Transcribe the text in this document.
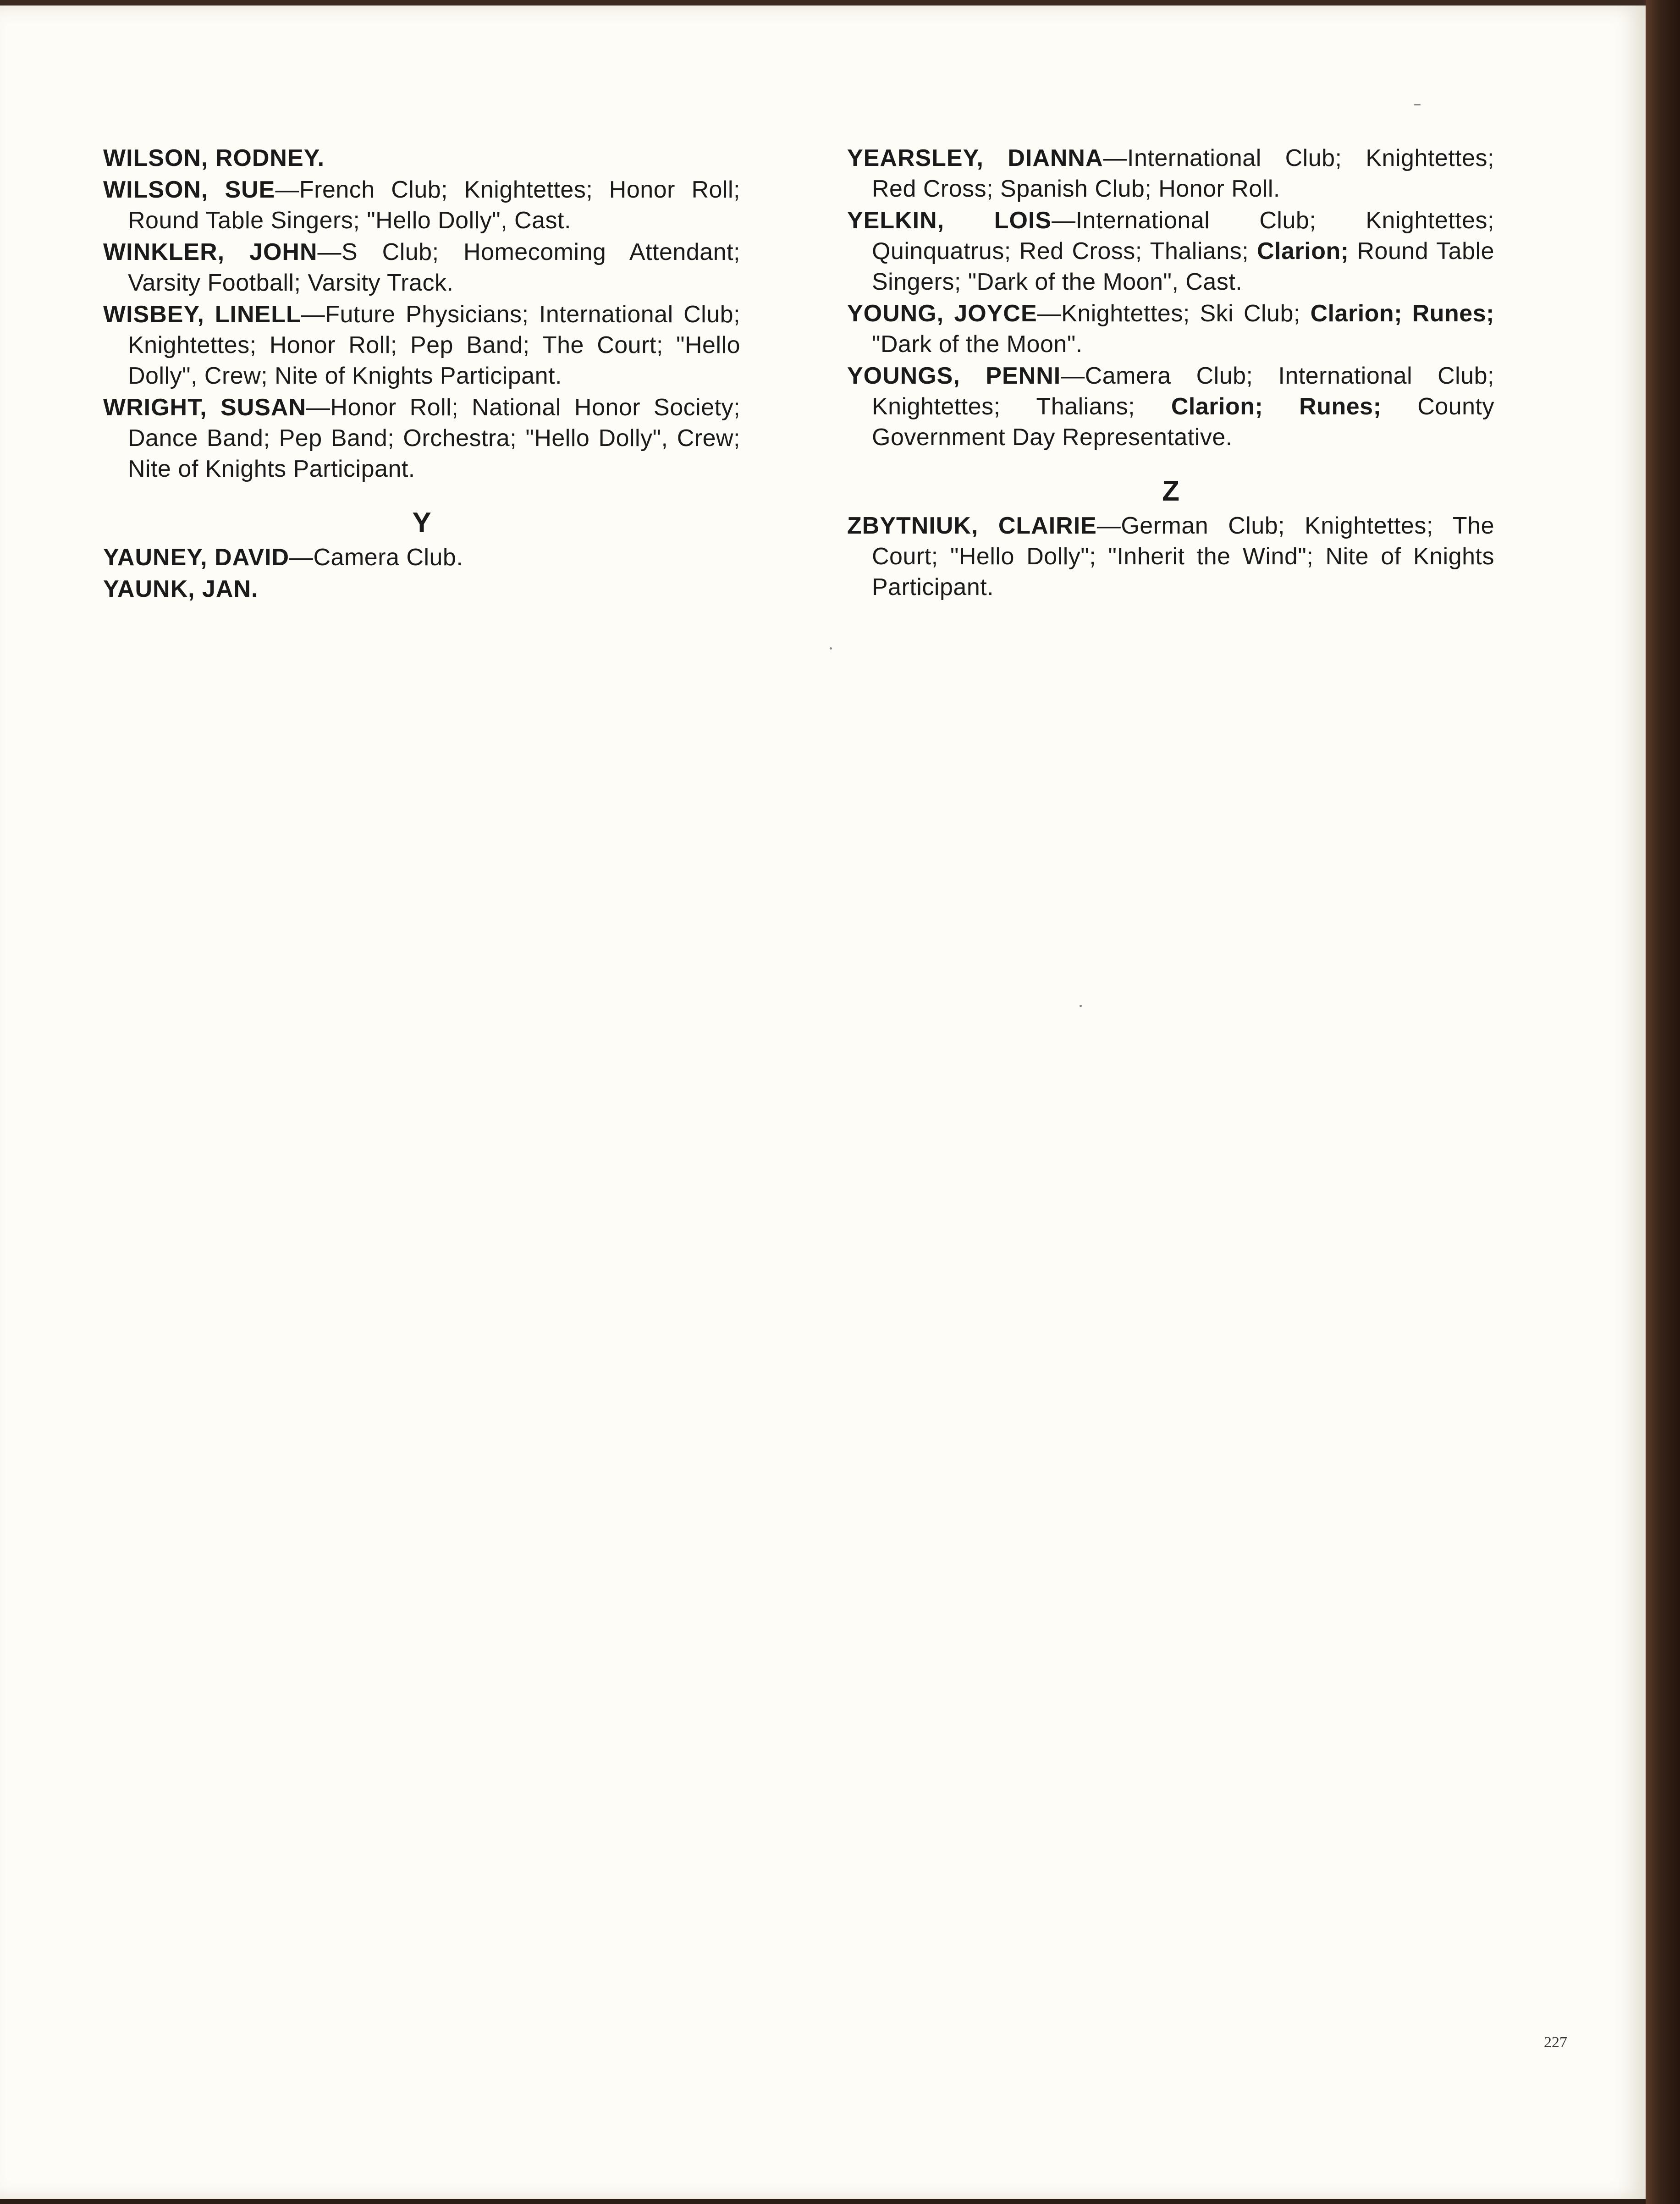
WILSON, RODNEY.

WILSON, SUE—French Club; Knightettes; Honor Roll; Round Table Singers; "Hello Dolly", Cast.

WINKLER, JOHN—S Club; Homecoming Attendant; Varsity Football; Varsity Track.

WISBEY, LINELL—Future Physicians; International Club; Knightettes; Honor Roll; Pep Band; The Court; "Hello Dolly", Crew; Nite of Knights Participant.

WRIGHT, SUSAN—Honor Roll; National Honor Society; Dance Band; Pep Band; Orchestra; "Hello Dolly", Crew; Nite of Knights Participant.

Y

YAUNEY, DAVID—Camera Club.

YAUNK, JAN.

YEARSLEY, DIANNA—International Club; Knightettes; Red Cross; Spanish Club; Honor Roll.

YELKIN, LOIS—International Club; Knightettes; Quinquatrus; Red Cross; Thalians; Clarion; Round Table Singers; "Dark of the Moon", Cast.

YOUNG, JOYCE—Knightettes; Ski Club; Clarion; Runes; "Dark of the Moon".

YOUNGS, PENNI—Camera Club; International Club; Knightettes; Thalians; Clarion; Runes; County Government Day Representative.

Z

ZBYTNIUK, CLAIRIE—German Club; Knightettes; The Court; "Hello Dolly"; "Inherit the Wind"; Nite of Knights Participant.

227
